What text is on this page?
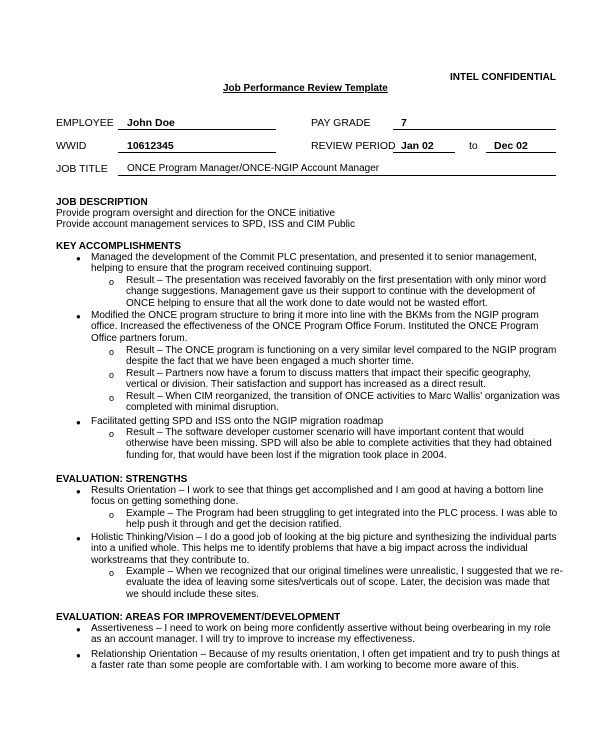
INTEL CONFIDENTIAL
Job Performance Review Template
EMPLOYEE John Doe	PAY GRADE	7
WWID	10612345	REVIEW PERIOD Jan 02	to Dec 02
JOB TITLE ONCE Program Manager/ONCE-NGIP Account Manager
JOB DESCRIPTION
Provide program oversight and direction for the ONCE initiative
Provide account management services to SPD, ISS and CIM Public
KEY ACCOMPLISHMENTS
● Managed the development of the Commit PLC presentation, and presented it to senior management, helping to ensure that the program received continuing support.
o Result – The presentation was received favorably on the first presentation with only minor word change suggestions. Management gave us their support to continue with the development of ONCE helping to ensure that all the work done to date would not be wasted effort.
● Modified the ONCE program structure to bring it more into line with the BKMs from the NGIP program office. Increased the effectiveness of the ONCE Program Office Forum. Instituted the ONCE Program Office partners forum.
o Result – The ONCE program is functioning on a very similar level compared to the NGIP program despite the fact that we have been engaged a much shorter time.
o Result – Partners now have a forum to discuss matters that impact their specific geography, vertical or division. Their satisfaction and support has increased as a direct result.
o Result – When CIM reorganized, the transition of ONCE activities to Marc Wallis' organization was completed with minimal disruption.
● Facilitated getting SPD and ISS onto the NGIP migration roadmap
o Result – The software developer customer scenario will have important content that would otherwise have been missing. SPD will also be able to complete activities that they had obtained funding for, that would have been lost if the migration took place in 2004.
EVALUATION: STRENGTHS
● Results Orientation – I work to see that things get accomplished and I am good at having a bottom line focus on getting something done.
o Example – The Program had been struggling to get integrated into the PLC process. I was able to help push it through and get the decision ratified.
● Holistic Thinking/Vision – I do a good job of looking at the big picture and synthesizing the individual parts into a unified whole. This helps me to identify problems that have a big impact across the individual workstreams that they contribute to.
o Example – When we recognized that our original timelines were unrealistic, I suggested that we re-evaluate the idea of leaving some sites/verticals out of scope. Later, the decision was made that we should include these sites.
EVALUATION: AREAS FOR IMPROVEMENT/DEVELOPMENT
● Assertiveness – I need to work on being more confidently assertive without being overbearing in my role as an account manager. I will try to improve to increase my effectiveness.
● Relationship Orientation – Because of my results orientation, I often get impatient and try to push things at a faster rate than some people are comfortable with. I am working to become more aware of this.
